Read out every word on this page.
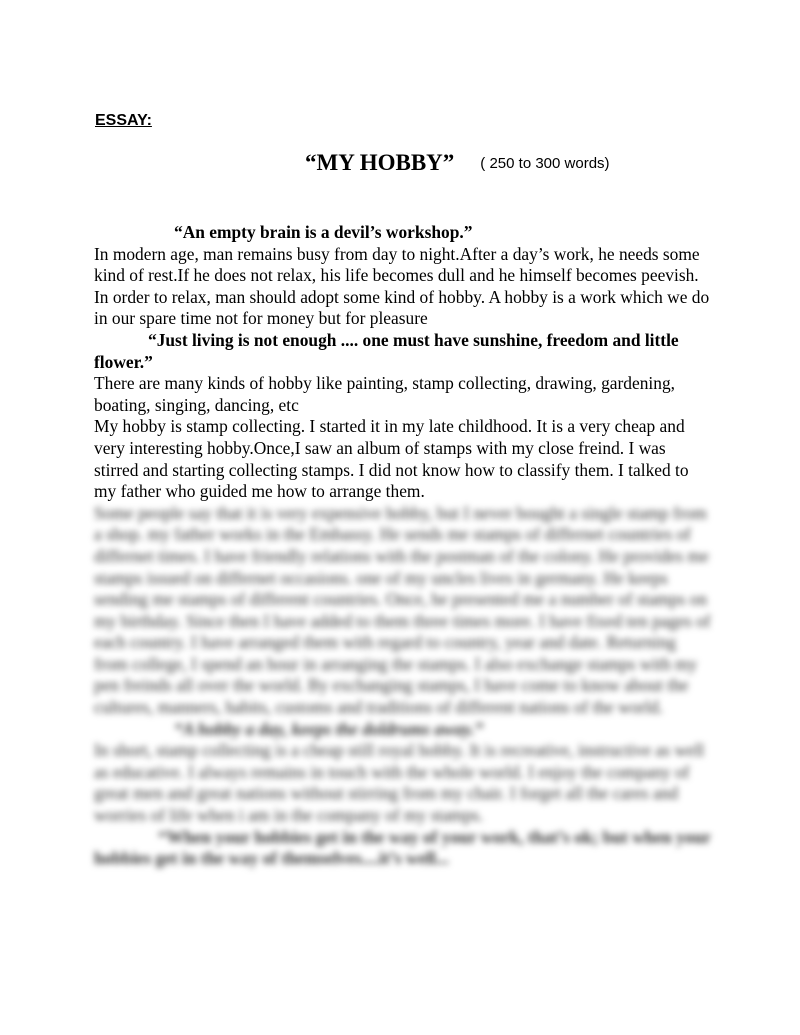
ESSAY:
“MY HOBBY” ( 250 to 300 words)

“An empty brain is a devil’s workshop.”

In modern age, man remains busy from day to night.After a day’s work, he needs some kind of rest.If he does not relax, his life becomes dull and he himself becomes peevish.

In order to relax, man should adopt some kind of hobby. A hobby is a work which we do in our spare time not for money but for pleasure

“Just living is not enough .... one must have sunshine, freedom and little flower.”

There are many kinds of hobby like painting, stamp collecting, drawing, gardening, boating, singing, dancing, etc

My hobby is stamp collecting. I started it in my late childhood. It is a very cheap and very interesting hobby.Once,I saw an album of stamps with my close freind. I was stirred and starting collecting stamps. I did not know how to classify them. I talked to my father who guided me how to arrange them.

Some people say that it is very expensive hobby, but I never bought a single stamp from a shop. my father works in the Embassy. He sends me stamps of differnet countries of differnet times. I have friendly relations with the postman of the colony. He provides me stamps issued on differnet occasions. one of my uncles lives in germany. He keeps sending me stamps of different countries. Once, he presented me a number of stamps on my birthday. Since then I have added to them three times more. I have fixed ten pages of each country. I have arranged them with regard to country, year and date. Returning from college, I spend an hour in arranging the stamps. I also exchange stamps with my pen freinds all over the world. By exchanging stamps, I have come to know about the cultures, manners, habits, customs and traditions of different nations of the world.

“A hobby a day, keeps the doldrums away.”

In short, stamp collecting is a cheap still royal hobby. It is recreative, instructive as well as educative. I always remains in touch with the whole world. I enjoy the company of great men and great nations without stirring from my chair. I forget all the cares and worries of life when i am in the company of my stamps.

“When your hobbies get in the way of your work, that’s ok; but when your hobbies get in the way of themselves....it’s well...
